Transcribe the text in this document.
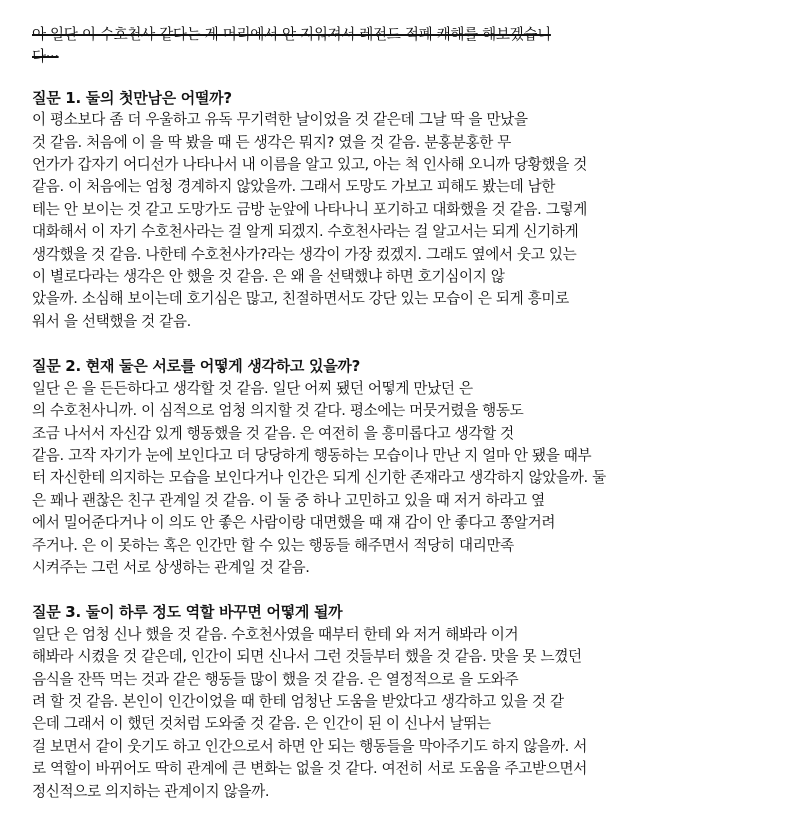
아 일단 이 수호천사 같다는 게 머리에서 안 지워져서 레전드 적폐 캐해를 해보겠습니
다···
질문 1. 둘의 첫만남은 어떨까?
이 평소보다 좀 더 우울하고 유독 무기력한 날이었을 것 같은데 그날 딱 을 만났을
것 같음. 처음에 이 을 딱 봤을 때 든 생각은 뭐지? 였을 것 같음. 분홍분홍한 무
언가가 갑자기 어디선가 나타나서 내 이름을 알고 있고, 아는 척 인사해 오니까 당황했을 것
같음. 이 처음에는 엄청 경계하지 않았을까. 그래서 도망도 가보고 피해도 봤는데 남한
테는 안 보이는 것 같고 도망가도 금방 눈앞에 나타나니 포기하고 대화했을 것 같음. 그렇게
대화해서 이 자기 수호천사라는 걸 알게 되겠지. 수호천사라는 걸 알고서는 되게 신기하게
생각했을 것 같음. 나한테 수호천사가?라는 생각이 가장 컸겠지. 그래도 옆에서 웃고 있는
이 별로다라는 생각은 안 했을 것 같음. 은 왜 을 선택했냐 하면 호기심이지 않
았을까. 소심해 보이는데 호기심은 많고, 친절하면서도 강단 있는 모습이 은 되게 흥미로
워서 을 선택했을 것 같음.
질문 2. 현재 둘은 서로를 어떻게 생각하고 있을까?
일단 은 을 든든하다고 생각할 것 같음. 일단 어찌 됐던 어떻게 만났던 은
의 수호천사니까. 이 심적으로 엄청 의지할 것 같다. 평소에는 머뭇거렸을 행동도
조금 나서서 자신감 있게 행동했을 것 같음. 은 여전히 을 흥미롭다고 생각할 것
같음. 고작 자기가 눈에 보인다고 더 당당하게 행동하는 모습이나 만난 지 얼마 안 됐을 때부
터 자신한테 의지하는 모습을 보인다거나 인간은 되게 신기한 존재라고 생각하지 않았을까. 둘
은 꽤나 괜찮은 친구 관계일 것 같음. 이 둘 중 하나 고민하고 있을 때 저거 하라고 옆
에서 밀어준다거나 이 의도 안 좋은 사람이랑 대면했을 때 쟤 감이 안 좋다고 쫑알거려
주거나. 은 이 못하는 혹은 인간만 할 수 있는 행동들 해주면서 적당히 대리만족
시켜주는 그런 서로 상생하는 관계일 것 같음.
질문 3. 둘이 하루 정도 역할 바꾸면 어떻게 될까
일단 은 엄청 신나 했을 것 같음. 수호천사였을 때부터 한테 와 저거 해봐라 이거
해봐라 시켰을 것 같은데, 인간이 되면 신나서 그런 것들부터 했을 것 같음. 맛을 못 느꼈던
음식을 잔뜩 먹는 것과 같은 행동들 많이 했을 것 같음. 은 열정적으로 을 도와주
려 할 것 같음. 본인이 인간이었을 때 한테 엄청난 도움을 받았다고 생각하고 있을 것 같
은데 그래서 이 했던 것처럼 도와줄 것 같음. 은 인간이 된 이 신나서 날뛰는
걸 보면서 같이 웃기도 하고 인간으로서 하면 안 되는 행동들을 막아주기도 하지 않을까. 서
로 역할이 바뀌어도 딱히 관계에 큰 변화는 없을 것 같다. 여전히 서로 도움을 주고받으면서
정신적으로 의지하는 관계이지 않을까.
